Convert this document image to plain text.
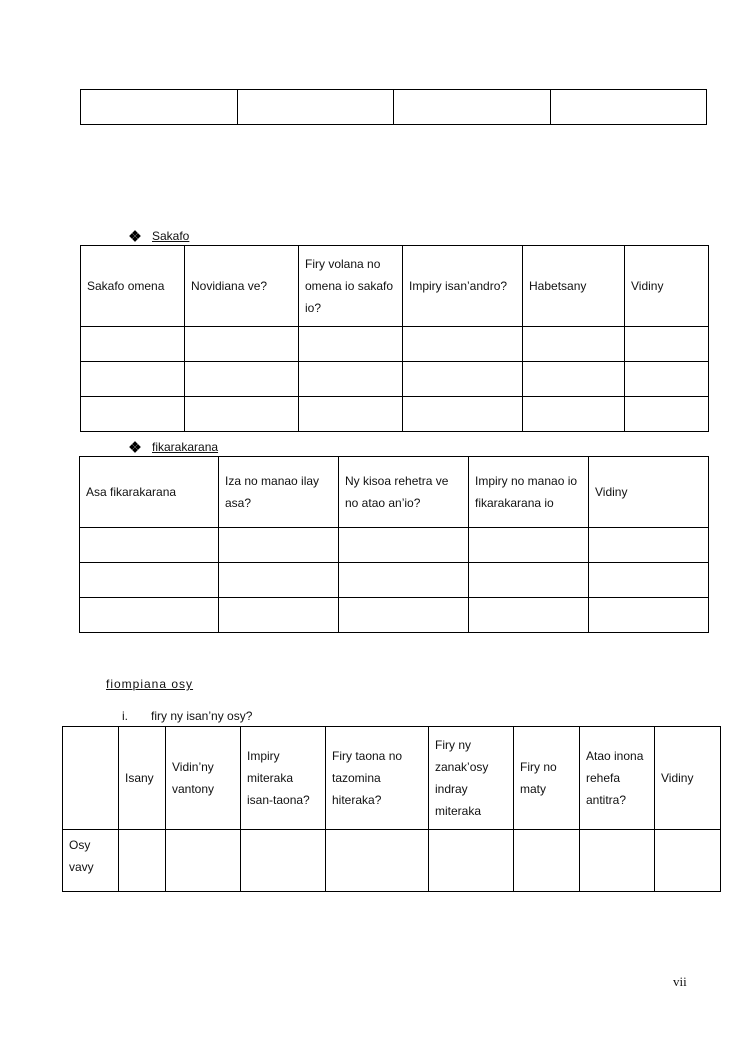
Sakafo
Sakafo omena	Novidiana ve?	Firy volana no omena io sakafo io?	Impiry isan’andro?	Habetsany	Vidiny

fikarakarana
Asa fikarakarana	Iza no manao ilay asa?	Ny kisoa rehetra ve no atao an’io?	Impiry no manao io fikarakarana io	Vidiny

fiompiana osy
i. firy ny isan’ny osy?
	Isany	Vidin’ny vantony	Impiry miteraka isan-taona?	Firy taona no tazomina hiteraka?	Firy ny zanak’osy indray miteraka	Firy no maty	Atao inona rehefa antitra?	Vidiny
Osy vavy								
vii
